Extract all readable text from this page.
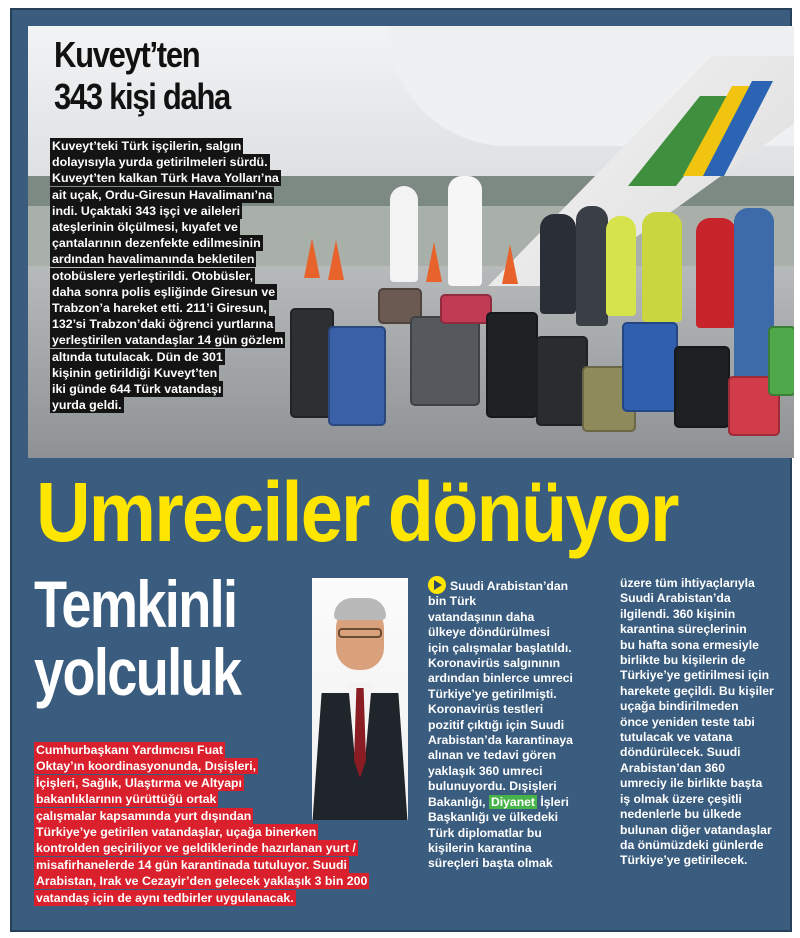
Kuveyt’ten
343 kişi daha
Kuveyt’teki Türk işçilerin, salgın
dolayısıyla yurda getirilmeleri sürdü.
Kuveyt’ten kalkan Türk Hava Yolları’na
ait uçak, Ordu-Giresun Havalimanı’na
indi. Uçaktaki 343 işçi ve aileleri
ateşlerinin ölçülmesi, kıyafet ve
çantalarının dezenfekte edilmesinin
ardından havalimanında bekletilen
otobüslere yerleştirildi. Otobüsler,
daha sonra polis eşliğinde Giresun ve
Trabzon’a hareket etti. 211’i Giresun,
132’si Trabzon’daki öğrenci yurtlarına
yerleştirilen vatandaşlar 14 gün gözlem
altında tutulacak. Dün de 301
kişinin getirildiği Kuveyt’ten
iki günde 644 Türk vatandaşı
yurda geldi.

Umreciler dönüyor
Temkinli
yolculuk
Cumhurbaşkanı Yardımcısı Fuat
Oktay’ın koordinasyonunda, Dışişleri,
İçişleri, Sağlık, Ulaştırma ve Altyapı
bakanlıklarının yürüttüğü ortak
çalışmalar kapsamında yurt dışından
Türkiye’ye getirilen vatandaşlar, uçağa binerken
kontrolden geçiriliyor ve geldiklerinde hazırlanan yurt /
misafirhanelerde 14 gün karantinada tutuluyor. Suudi
Arabistan, Irak ve Cezayir’den gelecek yaklaşık 3 bin 200
vatandaş için de aynı tedbirler uygulanacak.

Suudi Arabistan’dan
bin Türk
vatandaşının daha
ülkeye döndürülmesi
için çalışmalar başlatıldı.
Koronavirüs salgınının
ardından binlerce umreci
Türkiye’ye getirilmişti.
Koronavirüs testleri
pozitif çıktığı için Suudi
Arabistan’da karantinaya
alınan ve tedavi gören
yaklaşık 360 umreci
bulunuyordu. Dışişleri
Bakanlığı, Diyanet İşleri
Başkanlığı ve ülkedeki
Türk diplomatlar bu
kişilerin karantina
süreçleri başta olmak

üzere tüm ihtiyaçlarıyla
Suudi Arabistan’da
ilgilendi. 360 kişinin
karantina süreçlerinin
bu hafta sona ermesiyle
birlikte bu kişilerin de
Türkiye’ye getirilmesi için
harekete geçildi. Bu kişiler
uçağa bindirilmeden
önce yeniden teste tabi
tutulacak ve vatana
döndürülecek. Suudi
Arabistan’dan 360
umreciy ile birlikte başta
iş olmak üzere çeşitli
nedenlerle bu ülkede
bulunan diğer vatandaşlar
da önümüzdeki günlerde
Türkiye’ye getirilecek.
